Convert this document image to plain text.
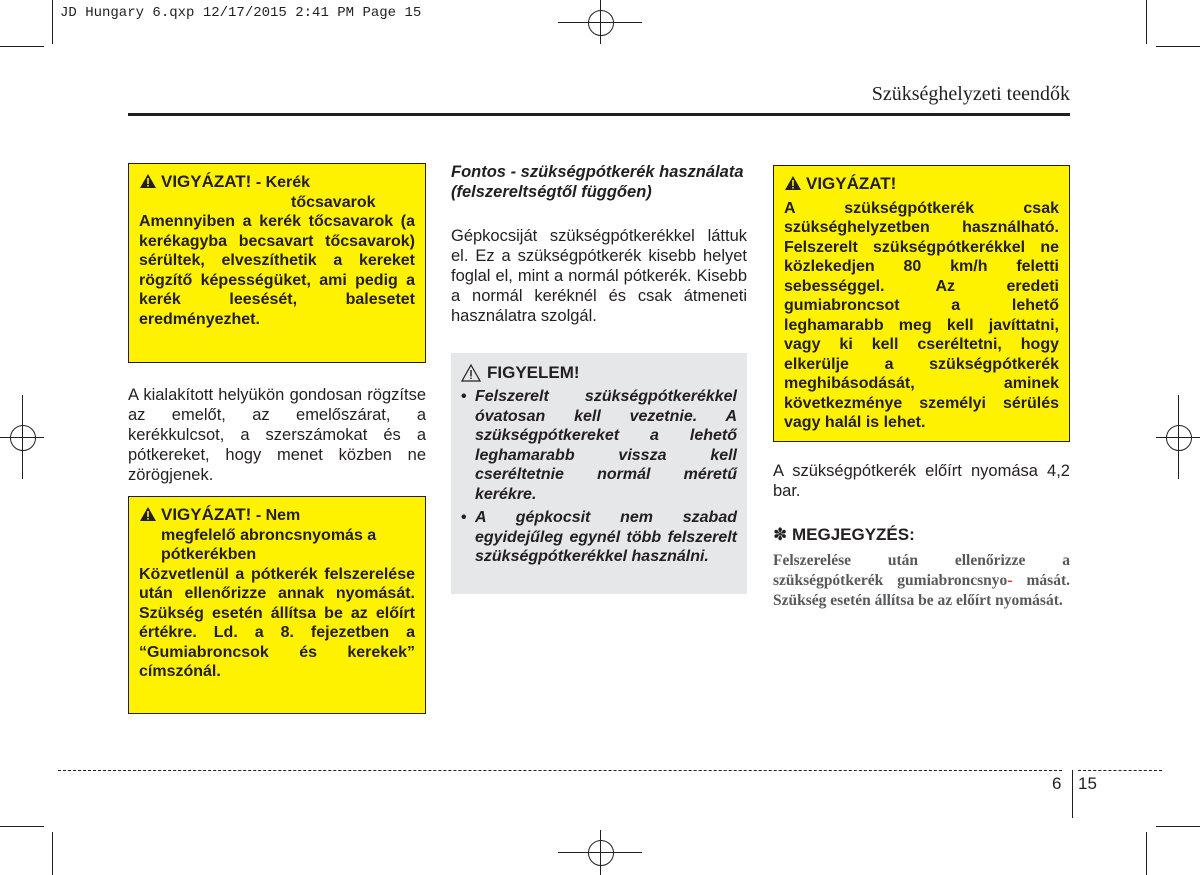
JD Hungary 6.qxp 12/17/2015 2:41 PM Page 15
Szükséghelyzeti teendők
VIGYÁZAT! - Kerék
tőcsavarok
Amennyiben a kerék tőcsavarok (a kerékagyba becsavart tőcsavarok) sérültek, elveszíthetik a kereket rögzítő képességüket, ami pedig a kerék leesését, balesetet eredményezhet.
A kialakított helyükön gondosan rögzítse az emelőt, az emelőszárat, a kerékkulcsot, a szerszámokat és a pótkereket, hogy menet közben ne zörögjenek.
VIGYÁZAT! - Nem
megfelelő abroncsnyomás a pótkerékben
Közvetlenül a pótkerék felszerelése után ellenőrizze annak nyomását. Szükség esetén állítsa be az előírt értékre. Ld. a 8. fejezetben a “Gumiabroncsok és kerekek” címszónál.
Fontos - szükségpótkerék használata (felszereltségtől függően)
Gépkocsiját szükségpótkerékkel láttuk el. Ez a szükségpótkerék kisebb helyet foglal el, mint a normál pótkerék. Kisebb a normál keréknél és csak átmeneti használatra szolgál.
FIGYELEM!
• Felszerelt szükségpótkerékkel óvatosan kell vezetnie. A szükségpótkereket a lehető leghamarabb vissza kell cseréltetnie normál méretű kerékre.
• A gépkocsit nem szabad egyidejűleg egynél több felszerelt szükségpótkerékkel használni.
VIGYÁZAT!
A szükségpótkerék csak szükséghelyzetben használható. Felszerelt szükségpótkerékkel ne közlekedjen 80 km/h feletti sebességgel. Az eredeti gumiabroncsot a lehető leghamarabb meg kell javíttatni, vagy ki kell cseréltetni, hogy elkerülje a szükségpótkerék meghibásodását, aminek következménye személyi sérülés vagy halál is lehet.
A szükségpótkerék előírt nyomása 4,2 bar.
✽ MEGJEGYZÉS:
Felszerelése után ellenőrizze a szükségpótkerék gumiabroncsnyo- mását. Szükség esetén állítsa be az előírt nyomását.
6 15
